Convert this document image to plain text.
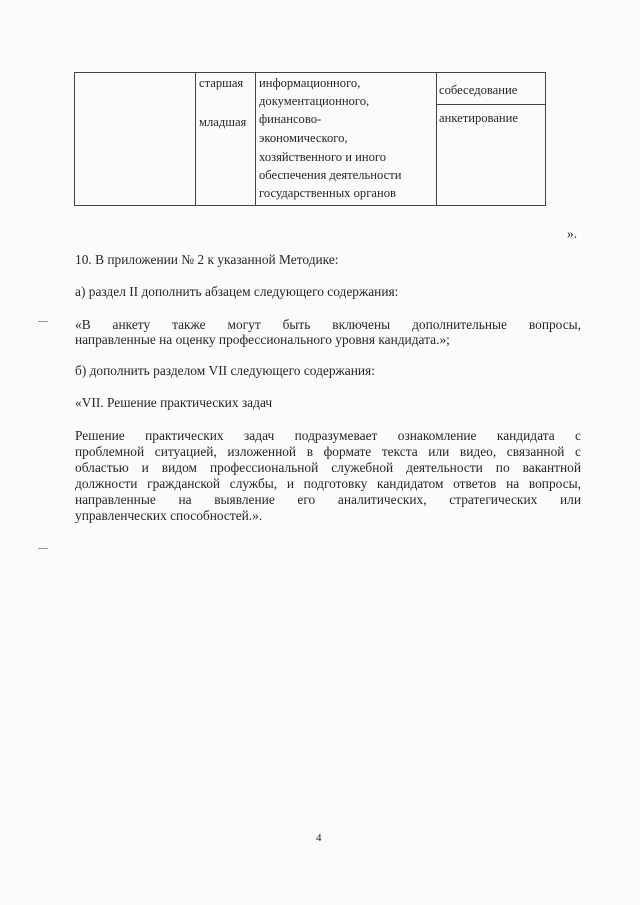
старшая
младшая
информационного,
документационного,
финансово-
экономического,
хозяйственного и иного
обеспечения деятельности
государственных органов
собеседование
анкетирование
».
10. В приложении № 2 к указанной Методике:
а) раздел II дополнить абзацем следующего содержания:
«В анкету также могут быть включены дополнительные вопросы,
направленные на оценку профессионального уровня кандидата.»;
б) дополнить разделом VII следующего содержания:
«VII. Решение практических задач
Решение практических задач подразумевает ознакомление кандидата с
проблемной ситуацией, изложенной в формате текста или видео, связанной с
областью и видом профессиональной служебной деятельности по вакантной
должности гражданской службы, и подготовку кандидатом ответов на вопросы,
направленные на выявление его аналитических, стратегических или
управленческих способностей.».
4
